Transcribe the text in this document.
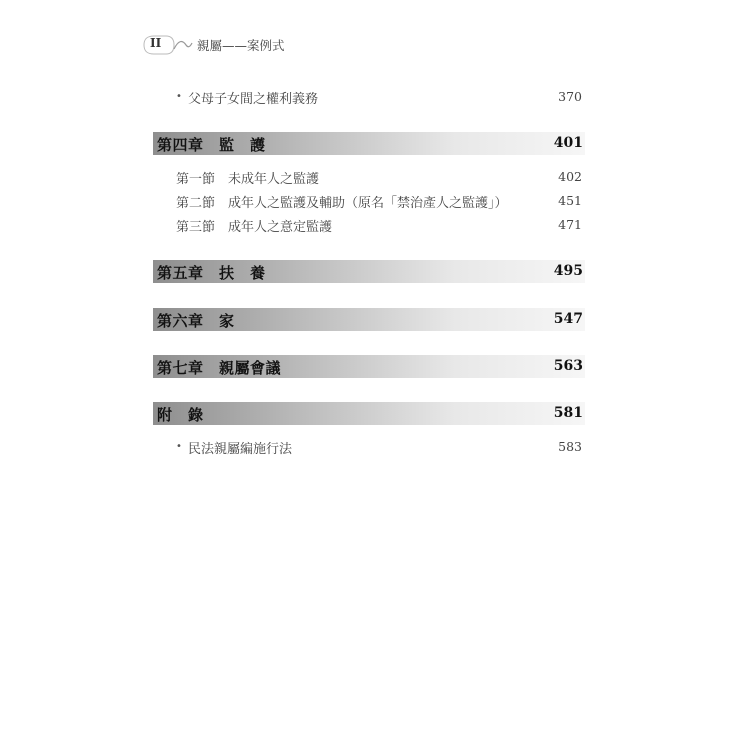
II	親屬——案例式
• 父母子女間之權利義務	370
第四章　監　護	401
第一節　未成年人之監護	402
第二節　成年人之監護及輔助（原名「禁治產人之監護」）	451
第三節　成年人之意定監護	471
第五章　扶　養	495
第六章　家	547
第七章　親屬會議	563
附　錄	581
• 民法親屬編施行法	583
